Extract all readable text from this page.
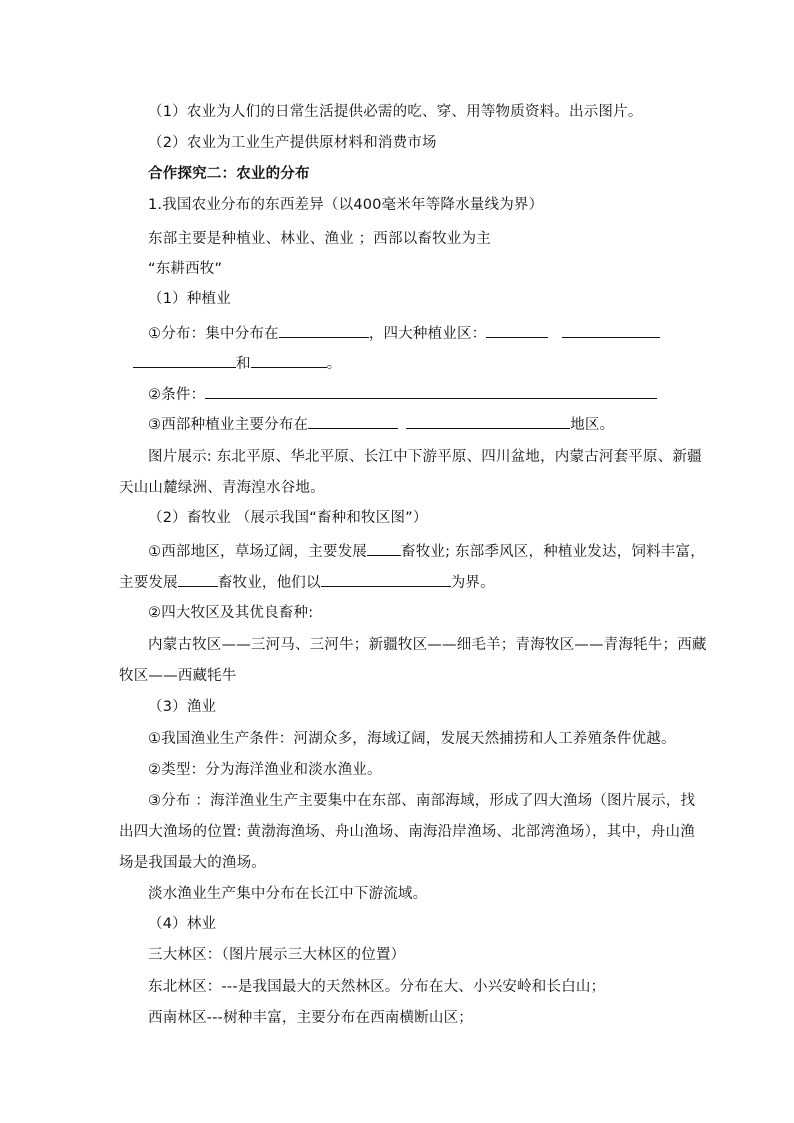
（1）农业为人们的日常生活提供必需的吃、穿、用等物质资料。出示图片。
（2）农业为工业生产提供原材料和消费市场
合作探究二：农业的分布
1.我国农业分布的东西差异（以400毫米年等降水量线为界）
东部主要是种植业、林业、渔业 ；西部以畜牧业为主
“东耕西牧”
（1）种植业
①分布：集中分布在	，四大种植业区：
和	。
②条件：
③西部种植业主要分布在	地区。
图片展示: 东北平原、华北平原、长江中下游平原、四川盆地，内蒙古河套平原、新疆
天山山麓绿洲、青海湟水谷地。
（2）畜牧业 （展示我国“畜种和牧区图”）
①西部地区，草场辽阔，主要发展 畜牧业; 东部季风区，种植业发达，饲料丰富，
主要发展	畜牧业，他们以	为界。
②四大牧区及其优良畜种:
内蒙古牧区——三河马、三河牛；新疆牧区——细毛羊；青海牧区——青海牦牛；西藏
牧区——西藏牦牛
（3）渔业
①我国渔业生产条件：河湖众多，海域辽阔，发展天然捕捞和人工养殖条件优越。
②类型：分为海洋渔业和淡水渔业。
③分布 ：海洋渔业生产主要集中在东部、南部海域，形成了四大渔场（图片展示，找
出四大渔场的位置: 黄渤海渔场、舟山渔场、南海沿岸渔场、北部湾渔场），其中，舟山渔
场是我国最大的渔场。
淡水渔业生产集中分布在长江中下游流域。
（4）林业
三大林区：（图片展示三大林区的位置）
东北林区：---是我国最大的天然林区。分布在大、小兴安岭和长白山；
西南林区---树种丰富，主要分布在西南横断山区；
